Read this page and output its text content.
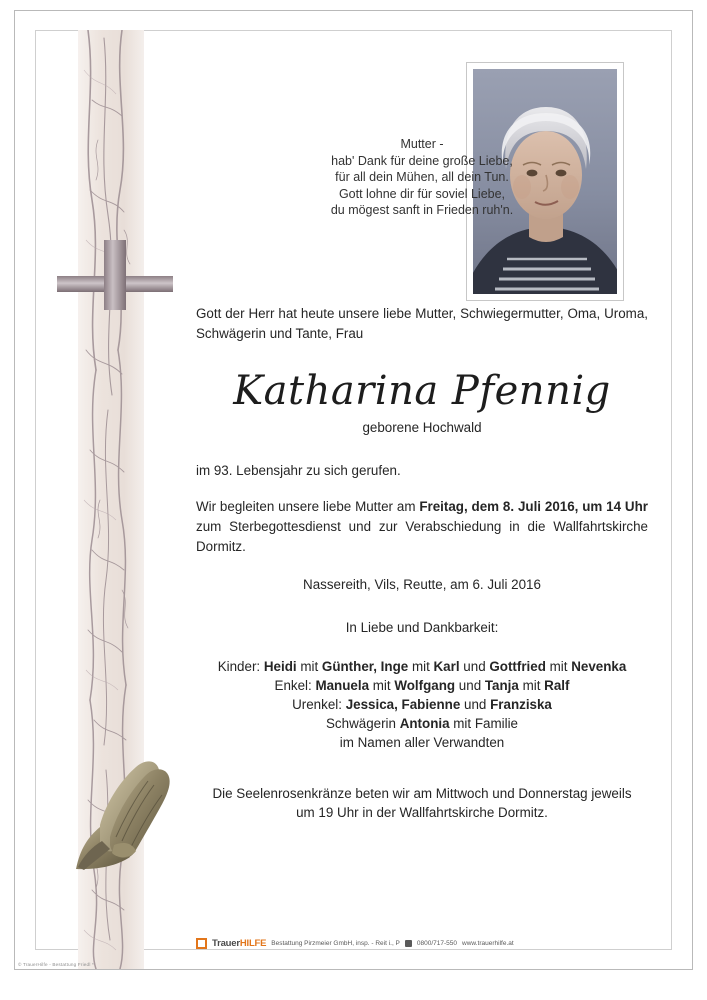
Mutter -
hab' Dank für deine große Liebe,
für all dein Mühen, all dein Tun.
Gott lohne dir für soviel Liebe,
du mögest sanft in Frieden ruh'n.
Gott der Herr hat heute unsere liebe Mutter, Schwiegermutter, Oma, Uroma, Schwägerin und Tante, Frau
Katharina Pfennig
geborene Hochwald
im 93. Lebensjahr zu sich gerufen.
Wir begleiten unsere liebe Mutter am Freitag, dem 8. Juli 2016, um 14 Uhr zum Sterbegottesdienst und zur Verabschiedung in die Wallfahrtskirche Dormitz.
Nassereith, Vils, Reutte, am 6. Juli 2016
In Liebe und Dankbarkeit:
Kinder: Heidi mit Günther, Inge mit Karl und Gottfried mit Nevenka
Enkel: Manuela mit Wolfgang und Tanja mit Ralf
Urenkel: Jessica, Fabienne und Franziska
Schwägerin Antonia mit Familie
im Namen aller Verwandten
Die Seelenrosenkränze beten wir am Mittwoch und Donnerstag jeweils
um 19 Uhr in der Wallfahrtskirche Dormitz.
TrauerHILFE Bestattung Pirzmeier GmbH, insp. - Reit i., P	0800/717-550 www.trauerhilfe.at
© TrauerHilfe - Bestattung Friedl *
